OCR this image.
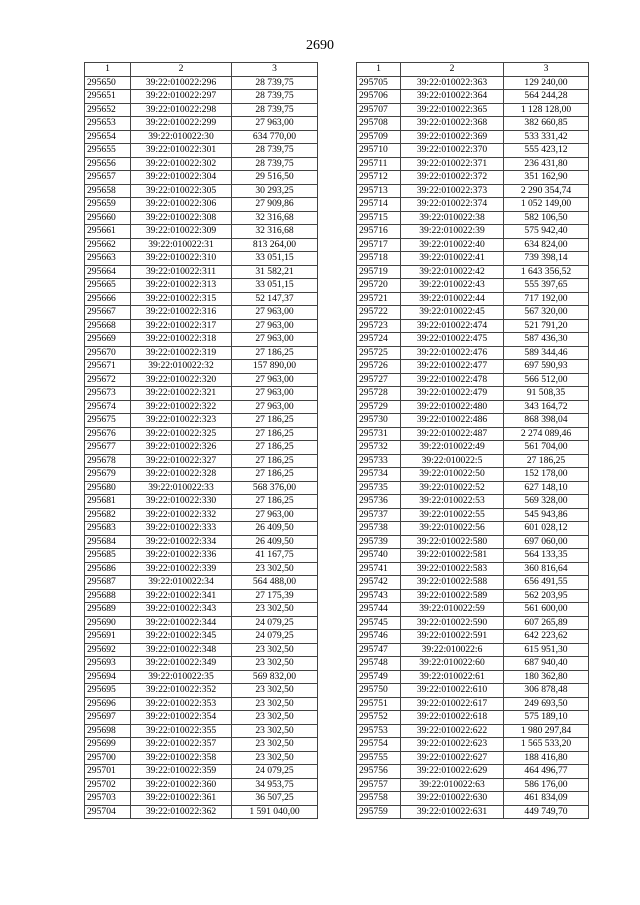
2690
1	2	3
295650	39:22:010022:296	28 739,75
295651	39:22:010022:297	28 739,75
295652	39:22:010022:298	28 739,75
295653	39:22:010022:299	27 963,00
295654	39:22:010022:30	634 770,00
295655	39:22:010022:301	28 739,75
295656	39:22:010022:302	28 739,75
295657	39:22:010022:304	29 516,50
295658	39:22:010022:305	30 293,25
295659	39:22:010022:306	27 909,86
295660	39:22:010022:308	32 316,68
295661	39:22:010022:309	32 316,68
295662	39:22:010022:31	813 264,00
295663	39:22:010022:310	33 051,15
295664	39:22:010022:311	31 582,21
295665	39:22:010022:313	33 051,15
295666	39:22:010022:315	52 147,37
295667	39:22:010022:316	27 963,00
295668	39:22:010022:317	27 963,00
295669	39:22:010022:318	27 963,00
295670	39:22:010022:319	27 186,25
295671	39:22:010022:32	157 890,00
295672	39:22:010022:320	27 963,00
295673	39:22:010022:321	27 963,00
295674	39:22:010022:322	27 963,00
295675	39:22:010022:323	27 186,25
295676	39:22:010022:325	27 186,25
295677	39:22:010022:326	27 186,25
295678	39:22:010022:327	27 186,25
295679	39:22:010022:328	27 186,25
295680	39:22:010022:33	568 376,00
295681	39:22:010022:330	27 186,25
295682	39:22:010022:332	27 963,00
295683	39:22:010022:333	26 409,50
295684	39:22:010022:334	26 409,50
295685	39:22:010022:336	41 167,75
295686	39:22:010022:339	23 302,50
295687	39:22:010022:34	564 488,00
295688	39:22:010022:341	27 175,39
295689	39:22:010022:343	23 302,50
295690	39:22:010022:344	24 079,25
295691	39:22:010022:345	24 079,25
295692	39:22:010022:348	23 302,50
295693	39:22:010022:349	23 302,50
295694	39:22:010022:35	569 832,00
295695	39:22:010022:352	23 302,50
295696	39:22:010022:353	23 302,50
295697	39:22:010022:354	23 302,50
295698	39:22:010022:355	23 302,50
295699	39:22:010022:357	23 302,50
295700	39:22:010022:358	23 302,50
295701	39:22:010022:359	24 079,25
295702	39:22:010022:360	34 953,75
295703	39:22:010022:361	36 507,25
295704	39:22:010022:362	1 591 040,00
1	2	3
295705	39:22:010022:363	129 240,00
295706	39:22:010022:364	564 244,28
295707	39:22:010022:365	1 128 128,00
295708	39:22:010022:368	382 660,85
295709	39:22:010022:369	533 331,42
295710	39:22:010022:370	555 423,12
295711	39:22:010022:371	236 431,80
295712	39:22:010022:372	351 162,90
295713	39:22:010022:373	2 290 354,74
295714	39:22:010022:374	1 052 149,00
295715	39:22:010022:38	582 106,50
295716	39:22:010022:39	575 942,40
295717	39:22:010022:40	634 824,00
295718	39:22:010022:41	739 398,14
295719	39:22:010022:42	1 643 356,52
295720	39:22:010022:43	555 397,65
295721	39:22:010022:44	717 192,00
295722	39:22:010022:45	567 320,00
295723	39:22:010022:474	521 791,20
295724	39:22:010022:475	587 436,30
295725	39:22:010022:476	589 344,46
295726	39:22:010022:477	697 590,93
295727	39:22:010022:478	566 512,00
295728	39:22:010022:479	91 508,35
295729	39:22:010022:480	343 164,72
295730	39:22:010022:486	868 398,04
295731	39:22:010022:487	2 274 089,46
295732	39:22:010022:49	561 704,00
295733	39:22:010022:5	27 186,25
295734	39:22:010022:50	152 178,00
295735	39:22:010022:52	627 148,10
295736	39:22:010022:53	569 328,00
295737	39:22:010022:55	545 943,86
295738	39:22:010022:56	601 028,12
295739	39:22:010022:580	697 060,00
295740	39:22:010022:581	564 133,35
295741	39:22:010022:583	360 816,64
295742	39:22:010022:588	656 491,55
295743	39:22:010022:589	562 203,95
295744	39:22:010022:59	561 600,00
295745	39:22:010022:590	607 265,89
295746	39:22:010022:591	642 223,62
295747	39:22:010022:6	615 951,30
295748	39:22:010022:60	687 940,40
295749	39:22:010022:61	180 362,80
295750	39:22:010022:610	306 878,48
295751	39:22:010022:617	249 693,50
295752	39:22:010022:618	575 189,10
295753	39:22:010022:622	1 980 297,84
295754	39:22:010022:623	1 565 533,20
295755	39:22:010022:627	188 416,80
295756	39:22:010022:629	464 496,77
295757	39:22:010022:63	586 176,00
295758	39:22:010022:630	461 834,09
295759	39:22:010022:631	449 749,70
